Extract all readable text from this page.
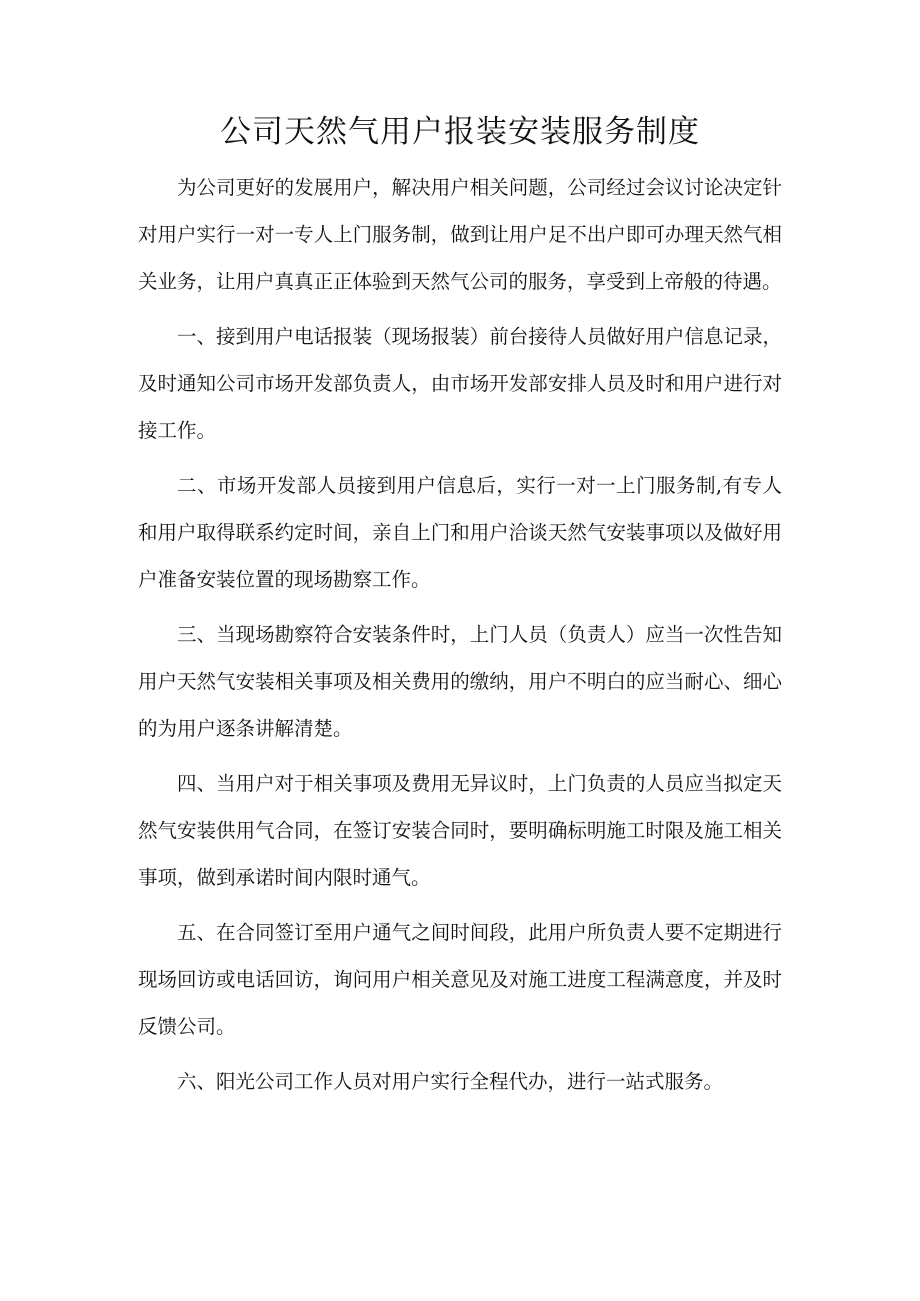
公司天然气用户报装安装服务制度

为公司更好的发展用户，解决用户相关问题，公司经过会议讨论决定针对用户实行一对一专人上门服务制，做到让用户足不出户即可办理天然气相关业务，让用户真真正正体验到天然气公司的服务，享受到上帝般的待遇。

一、接到用户电话报装（现场报装）前台接待人员做好用户信息记录，及时通知公司市场开发部负责人，由市场开发部安排人员及时和用户进行对接工作。

二、市场开发部人员接到用户信息后，实行一对一上门服务制,有专人和用户取得联系约定时间，亲自上门和用户洽谈天然气安装事项以及做好用户准备安装位置的现场勘察工作。

三、当现场勘察符合安装条件时，上门人员（负责人）应当一次性告知用户天然气安装相关事项及相关费用的缴纳，用户不明白的应当耐心、细心的为用户逐条讲解清楚。

四、当用户对于相关事项及费用无异议时，上门负责的人员应当拟定天然气安装供用气合同，在签订安装合同时，要明确标明施工时限及施工相关事项，做到承诺时间内限时通气。

五、在合同签订至用户通气之间时间段，此用户所负责人要不定期进行现场回访或电话回访，询问用户相关意见及对施工进度工程满意度，并及时反馈公司。

六、阳光公司工作人员对用户实行全程代办，进行一站式服务。
